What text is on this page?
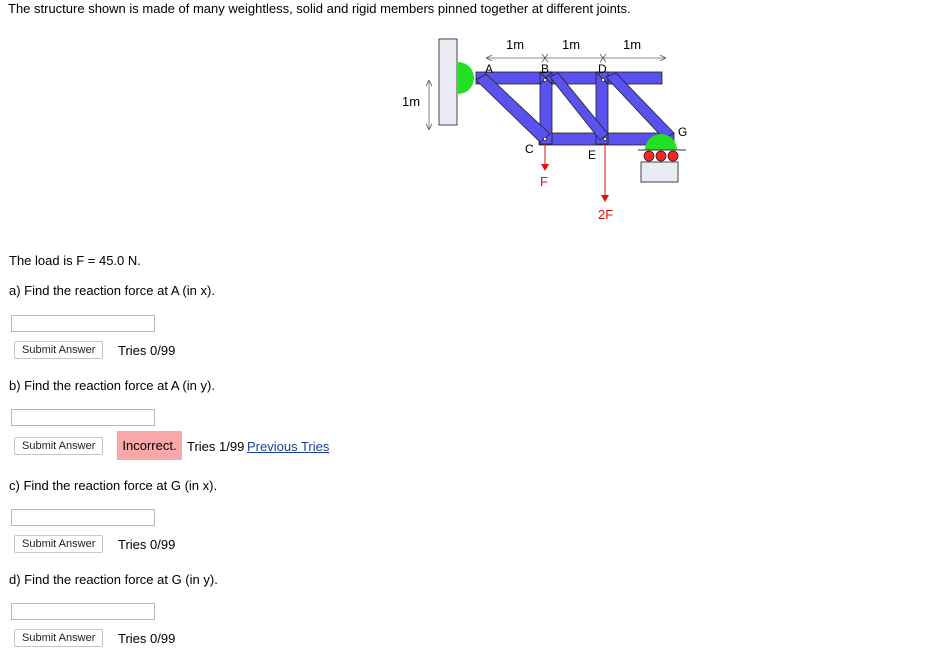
The structure shown is made of many weightless, solid and rigid members pinned together at different joints.
1m	1m	1m
1m
A	B	D
C	E
G
F
2F
The load is F = 45.0 N.
a) Find the reaction force at A (in x).
Submit Answer	Tries 0/99
b) Find the reaction force at A (in y).
Submit Answer	Incorrect. Tries 1/99 Previous Tries
c) Find the reaction force at G (in x).
Submit Answer	Tries 0/99
d) Find the reaction force at G (in y).
Submit Answer	Tries 0/99
